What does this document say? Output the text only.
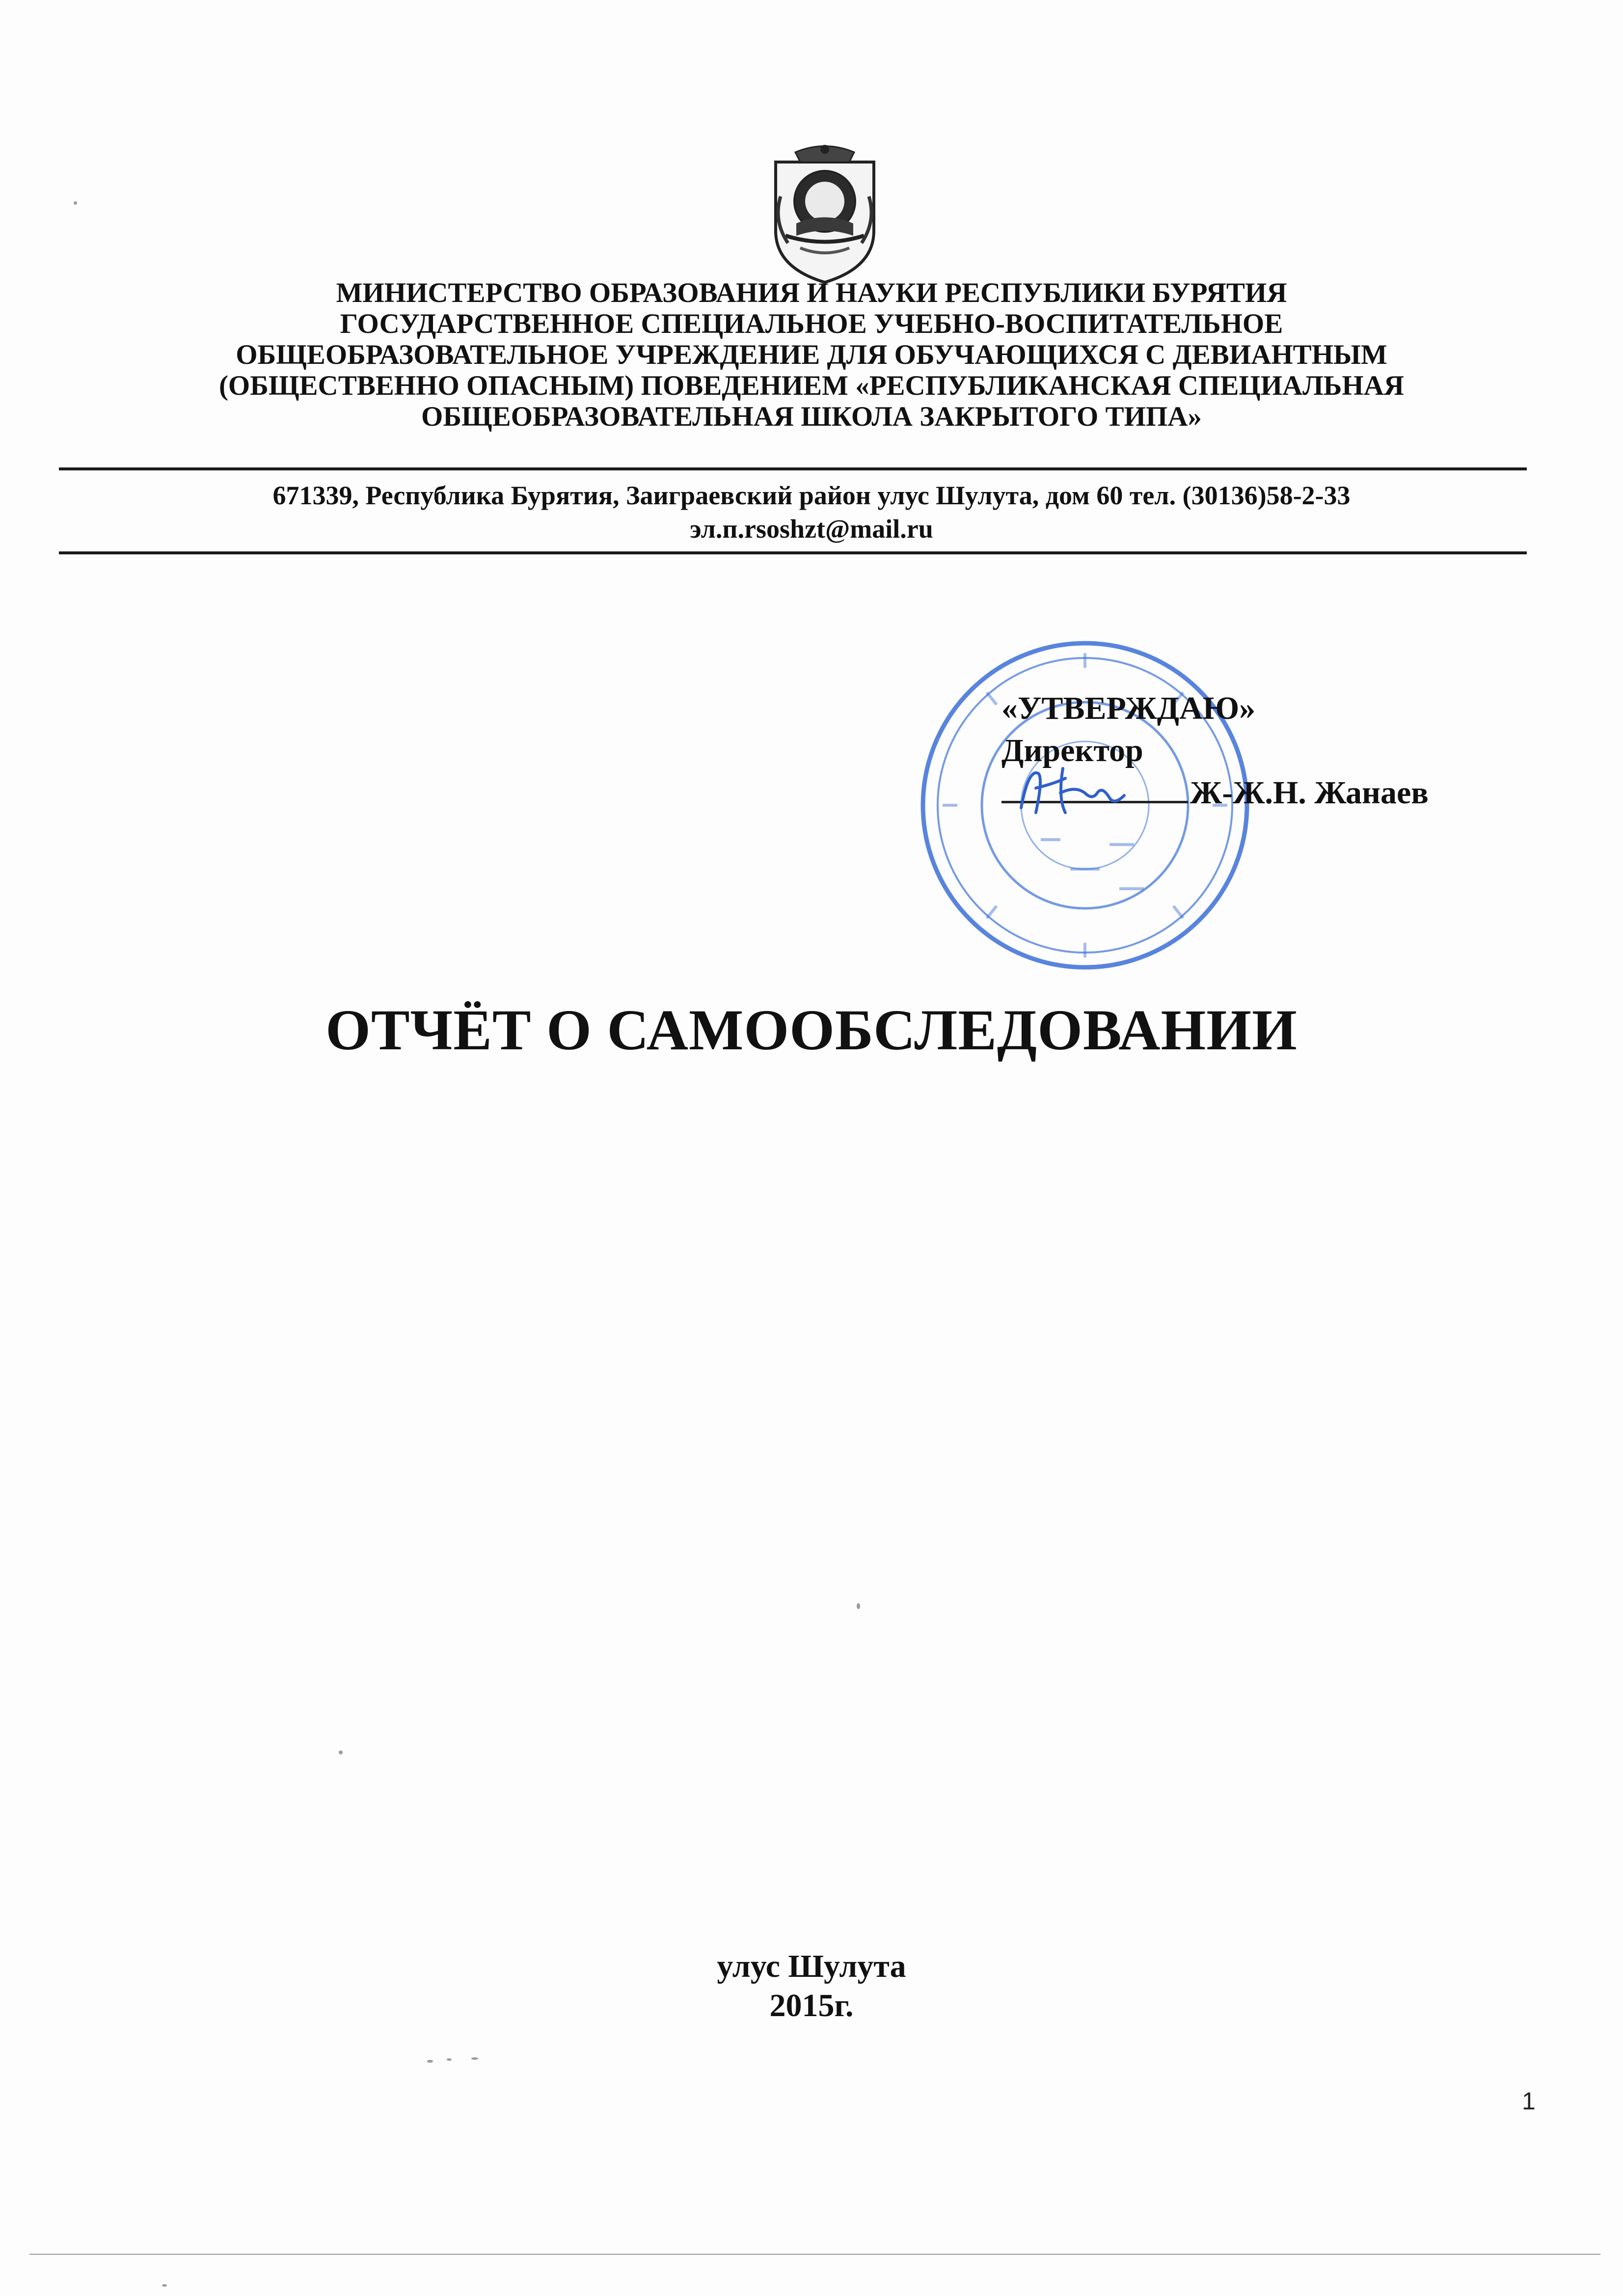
МИНИСТЕРСТВО ОБРАЗОВАНИЯ И НАУКИ РЕСПУБЛИКИ БУРЯТИЯ
ГОСУДАРСТВЕННОЕ СПЕЦИАЛЬНОЕ УЧЕБНО-ВОСПИТАТЕЛЬНОЕ
ОБЩЕОБРАЗОВАТЕЛЬНОЕ УЧРЕЖДЕНИЕ ДЛЯ ОБУЧАЮЩИХСЯ С ДЕВИАНТНЫМ
(ОБЩЕСТВЕННО ОПАСНЫМ) ПОВЕДЕНИЕМ «РЕСПУБЛИКАНСКАЯ СПЕЦИАЛЬНАЯ
ОБЩЕОБРАЗОВАТЕЛЬНАЯ ШКОЛА ЗАКРЫТОГО ТИПА»
671339, Республика Бурятия, Заиграевский район улус Шулута, дом 60 тел. (30136)58-2-33
эл.п.rsoshzt@mail.ru
«УТВЕРЖДАЮ»
Директор
Ж-Ж.Н. Жанаев
ОТЧЁТ О САМООБСЛЕДОВАНИИ
улус Шулута
2015г.
1
